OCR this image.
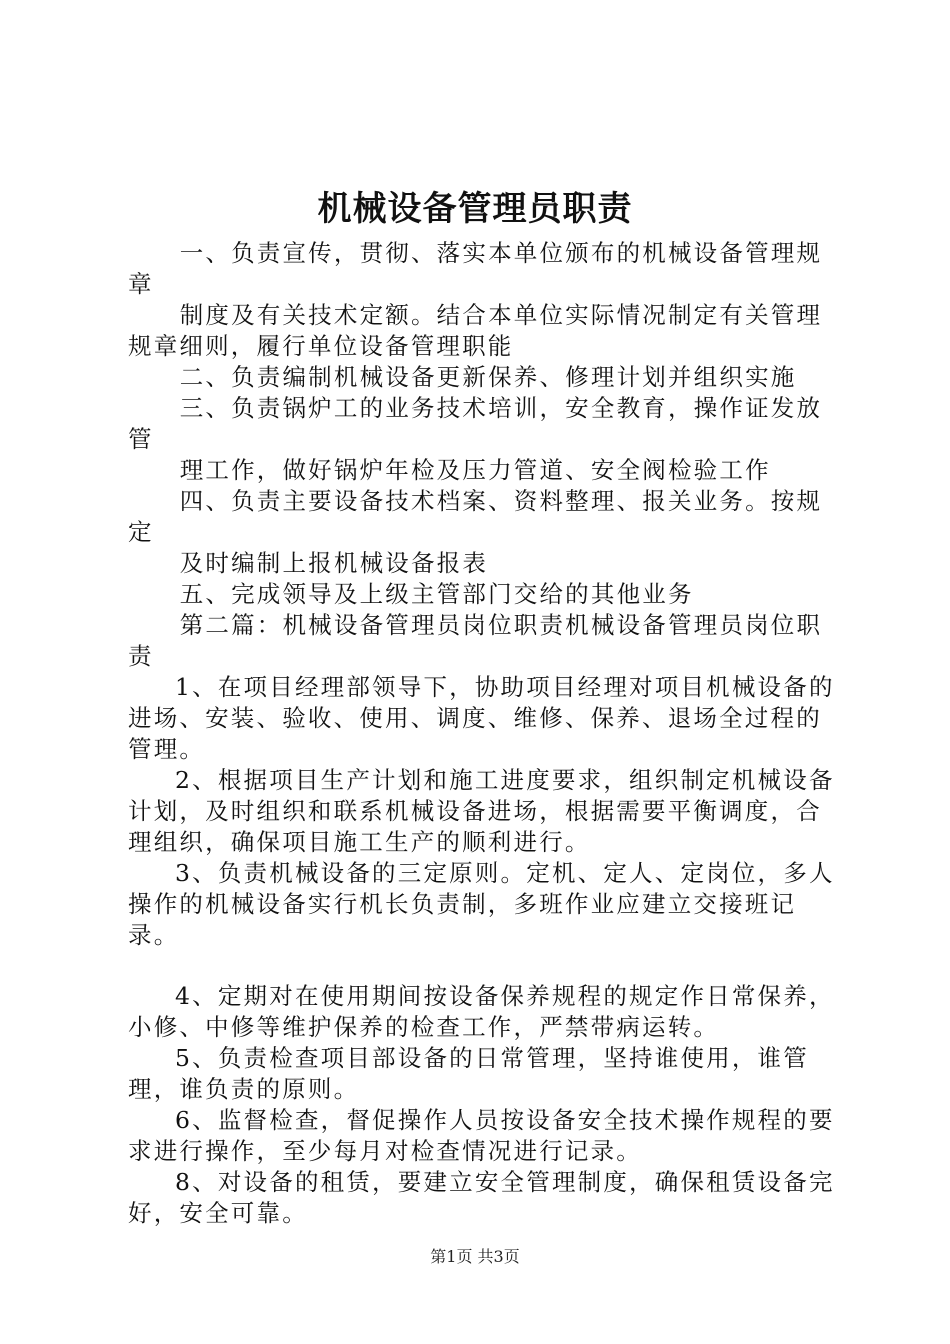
机械设备管理员职责

一、负责宣传，贯彻、落实本单位颁布的机械设备管理规章

制度及有关技术定额。结合本单位实际情况制定有关管理规章细则，履行单位设备管理职能

二、负责编制机械设备更新保养、修理计划并组织实施

三、负责锅炉工的业务技术培训，安全教育，操作证发放管

理工作，做好锅炉年检及压力管道、安全阀检验工作

四、负责主要设备技术档案、资料整理、报关业务。按规定

及时编制上报机械设备报表

五、完成领导及上级主管部门交给的其他业务

第二篇：机械设备管理员岗位职责机械设备管理员岗位职责

1、在项目经理部领导下，协助项目经理对项目机械设备的进场、安装、验收、使用、调度、维修、保养、退场全过程的管理。

2、根据项目生产计划和施工进度要求，组织制定机械设备计划，及时组织和联系机械设备进场，根据需要平衡调度，合理组织，确保项目施工生产的顺利进行。

3、负责机械设备的三定原则。定机、定人、定岗位，多人操作的机械设备实行机长负责制，多班作业应建立交接班记录。

4、定期对在使用期间按设备保养规程的规定作日常保养，小修、中修等维护保养的检查工作，严禁带病运转。

5、负责检查项目部设备的日常管理，坚持谁使用，谁管理，谁负责的原则。

6、监督检查，督促操作人员按设备安全技术操作规程的要求进行操作，至少每月对检查情况进行记录。

8、对设备的租赁，要建立安全管理制度，确保租赁设备完好，安全可靠。

第1页 共3页
